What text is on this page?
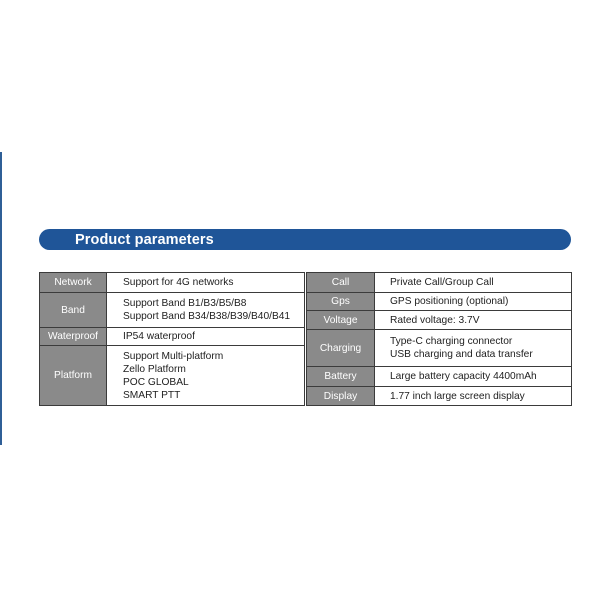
Product parameters
Network	Support for 4G networks

Band	Support Band B1/B3/B5/B8
Support Band B34/B38/B39/B40/B41

Waterproof	IP54 waterproof

Platform	Support Multi-platform
Zello Platform
POC GLOBAL
SMART PTT
Call	Private Call/Group Call

Gps	GPS positioning (optional)

Voltage	Rated voltage: 3.7V

Charging	Type-C charging connector
USB charging and data transfer

Battery	Large battery capacity 4400mAh

Display	1.77 inch large screen display
